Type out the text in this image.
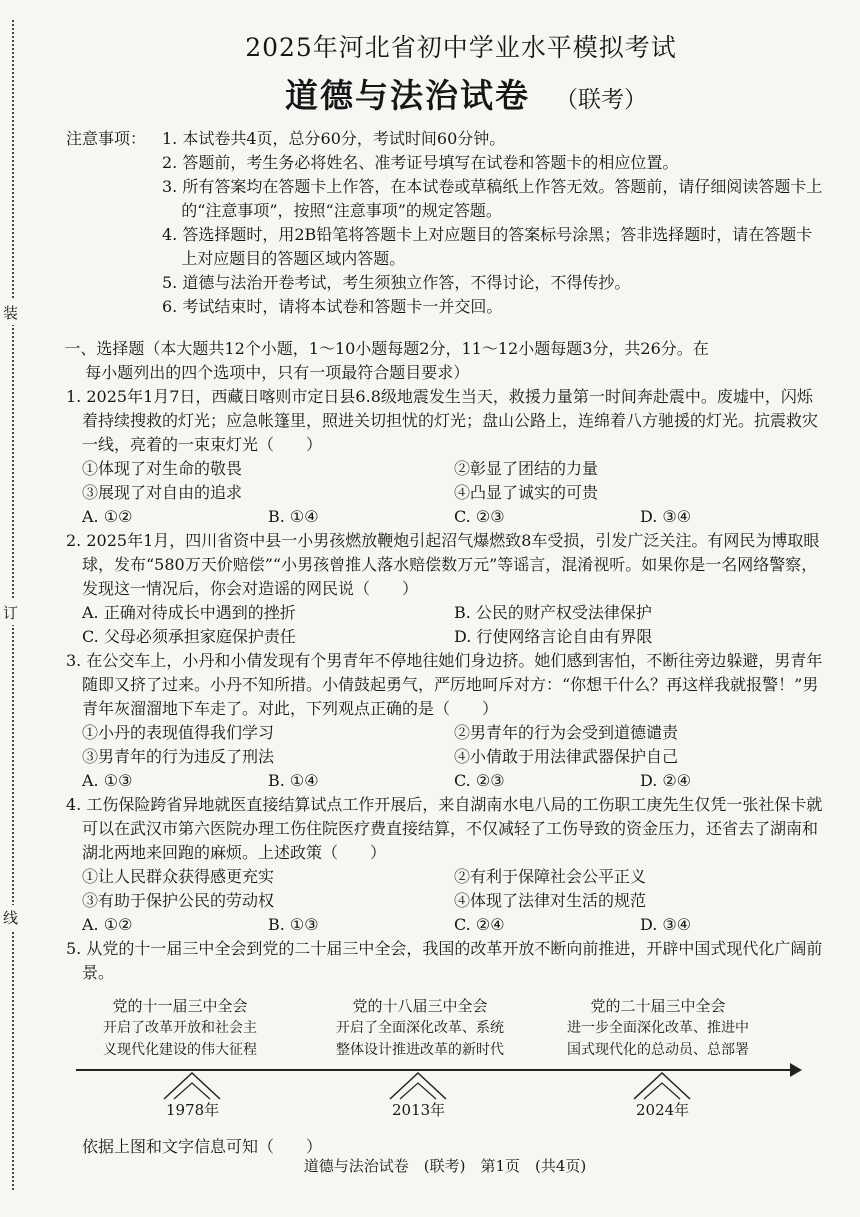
装
订
线
2025年河北省初中学业水平模拟考试
道德与法治试卷 （联考）
注意事项： 1. 本试卷共4页，总分60分，考试时间60分钟。
2. 答题前，考生务必将姓名、准考证号填写在试卷和答题卡的相应位置。
3. 所有答案均在答题卡上作答，在本试卷或草稿纸上作答无效。答题前，请仔细阅读答题卡上的“注意事项”，按照“注意事项”的规定答题。
4. 答选择题时，用2B铅笔将答题卡上对应题目的答案标号涂黑；答非选择题时，请在答题卡上对应题目的答题区域内答题。
5. 道德与法治开卷考试，考生须独立作答，不得讨论，不得传抄。
6. 考试结束时，请将本试卷和答题卡一并交回。
一、选择题（本大题共12个小题，1～10小题每题2分，11～12小题每题3分，共26分。在
每小题列出的四个选项中，只有一项最符合题目要求）
1. 2025年1月7日，西藏日喀则市定日县6.8级地震发生当天，救援力量第一时间奔赴震中。废墟中，闪烁着持续搜救的灯光；应急帐篷里，照进关切担忧的灯光；盘山公路上，连绵着八方驰援的灯光。抗震救灾一线，亮着的一束束灯光（　　）
①体现了对生命的敬畏	②彰显了团结的力量
③展现了对自由的追求	④凸显了诚实的可贵
A. ①②	B. ①④	C. ②③	D. ③④
2. 2025年1月，四川省资中县一小男孩燃放鞭炮引起沼气爆燃致8车受损，引发广泛关注。有网民为博取眼球，发布“580万天价赔偿”“小男孩曾推人落水赔偿数万元”等谣言，混淆视听。如果你是一名网络警察，发现这一情况后，你会对造谣的网民说（　　）
A. 正确对待成长中遇到的挫折	B. 公民的财产权受法律保护
C. 父母必须承担家庭保护责任	D. 行使网络言论自由有界限
3. 在公交车上，小丹和小倩发现有个男青年不停地往她们身边挤。她们感到害怕，不断往旁边躲避，男青年随即又挤了过来。小丹不知所措。小倩鼓起勇气，严厉地呵斥对方：“你想干什么？再这样我就报警！”男青年灰溜溜地下车走了。对此，下列观点正确的是（　　）
①小丹的表现值得我们学习	②男青年的行为会受到道德谴责
③男青年的行为违反了刑法	④小倩敢于用法律武器保护自己
A. ①③	B. ①④	C. ②③	D. ②④
4. 工伤保险跨省异地就医直接结算试点工作开展后，来自湖南水电八局的工伤职工庚先生仅凭一张社保卡就可以在武汉市第六医院办理工伤住院医疗费直接结算，不仅减轻了工伤导致的资金压力，还省去了湖南和湖北两地来回跑的麻烦。上述政策（　　）
①让人民群众获得感更充实	②有利于保障社会公平正义
③有助于保护公民的劳动权	④体现了法律对生活的规范
A. ①②	B. ①③	C. ②④	D. ③④
5. 从党的十一届三中全会到党的二十届三中全会，我国的改革开放不断向前推进，开辟中国式现代化广阔前景。
党的十一届三中全会
开启了改革开放和社会主
义现代化建设的伟大征程
党的十八届三中全会
开启了全面深化改革、系统
整体设计推进改革的新时代
党的二十届三中全会
进一步全面深化改革、推进中
国式现代化的总动员、总部署
1978年	2013年	2024年
依据上图和文字信息可知（　　）
道德与法治试卷　(联考)　第1页　(共4页)
